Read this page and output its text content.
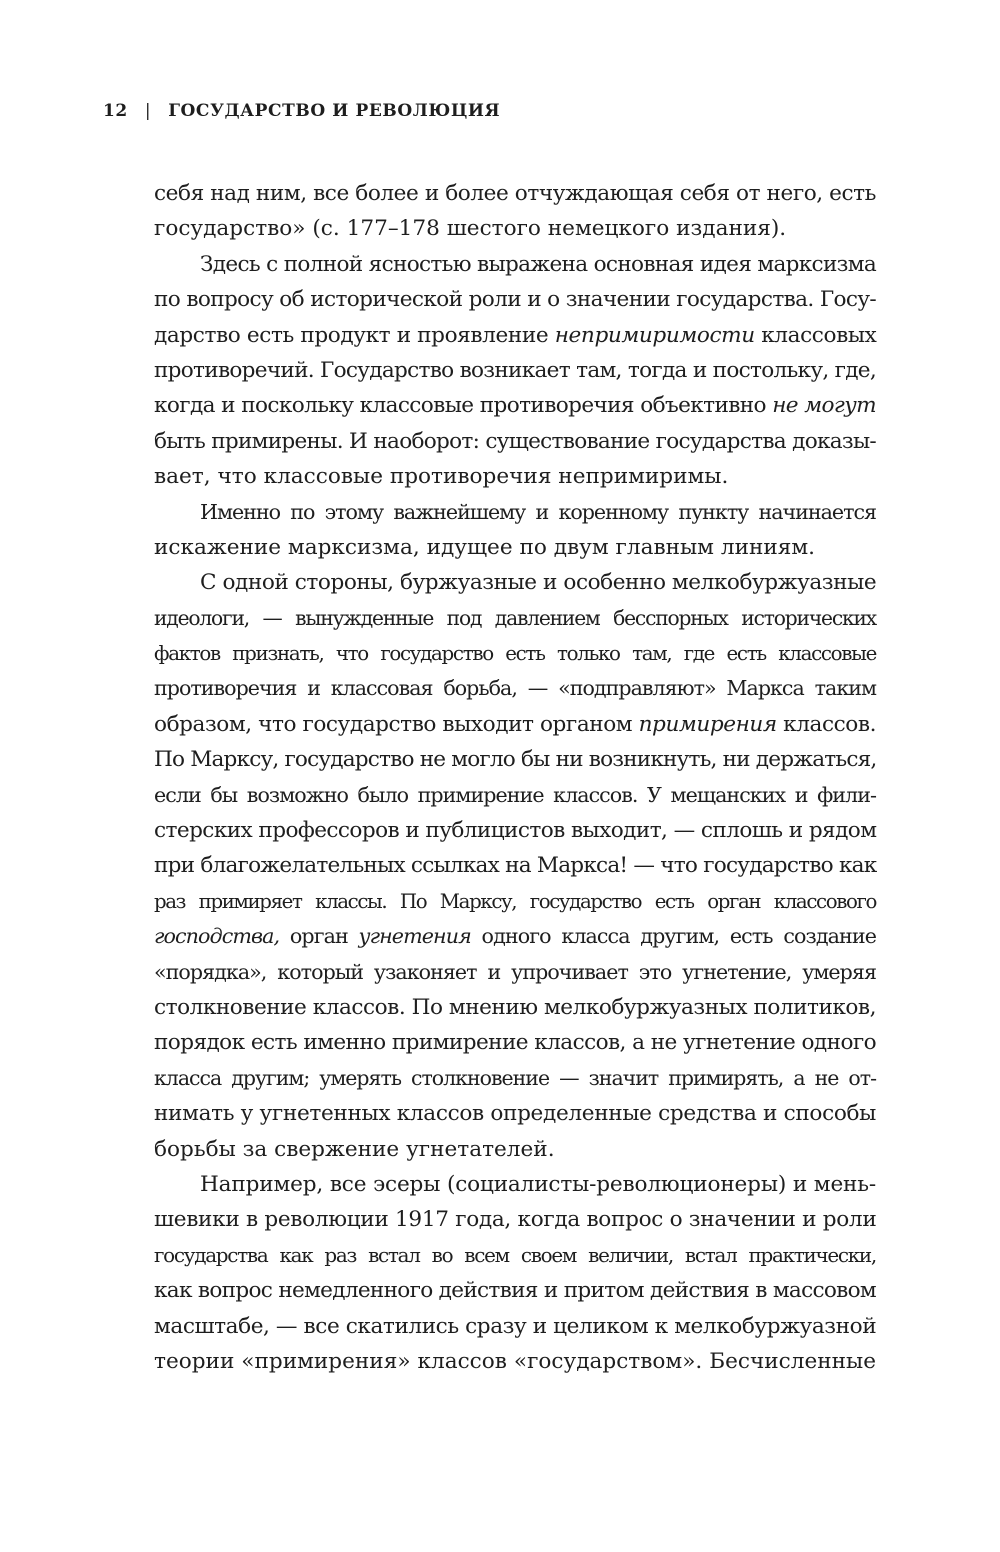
12 | ГОСУДАРСТВО И РЕВОЛЮЦИЯ
себя над ним, все более и более отчуждающая себя от него, есть
государство» (с. 177–178 шестого немецкого издания).
Здесь с полной ясностью выражена основная идея марксизма
по вопросу об исторической роли и о значении государства. Госу-
дарство есть продукт и проявление непримиримости классовых
противоречий. Государство возникает там, тогда и постольку, где,
когда и поскольку классовые противоречия объективно не могут
быть примирены. И наоборот: существование государства доказы-
вает, что классовые противоречия непримиримы.
Именно по этому важнейшему и коренному пункту начинается
искажение марксизма, идущее по двум главным линиям.
С одной стороны, буржуазные и особенно мелкобуржуазные
идеологи, — вынужденные под давлением бесспорных исторических
фактов признать, что государство есть только там, где есть классовые
противоречия и классовая борьба, — «подправляют» Маркса таким
образом, что государство выходит органом примирения классов.
По Марксу, государство не могло бы ни возникнуть, ни держаться,
если бы возможно было примирение классов. У мещанских и фили-
стерских профессоров и публицистов выходит, — сплошь и рядом
при благожелательных ссылках на Маркса! — что государство как
раз примиряет классы. По Марксу, государство есть орган классового
господства, орган угнетения одного класса другим, есть создание
«порядка», который узаконяет и упрочивает это угнетение, умеряя
столкновение классов. По мнению мелкобуржуазных политиков,
порядок есть именно примирение классов, а не угнетение одного
класса другим; умерять столкновение — значит примирять, а не от-
нимать у угнетенных классов определенные средства и способы
борьбы за свержение угнетателей.
Например, все эсеры (социалисты-революционеры) и мень-
шевики в революции 1917 года, когда вопрос о значении и роли
государства как раз встал во всем своем величии, встал практически,
как вопрос немедленного действия и притом действия в массовом
масштабе, — все скатились сразу и целиком к мелкобуржуазной
теории «примирения» классов «государством». Бесчисленные
